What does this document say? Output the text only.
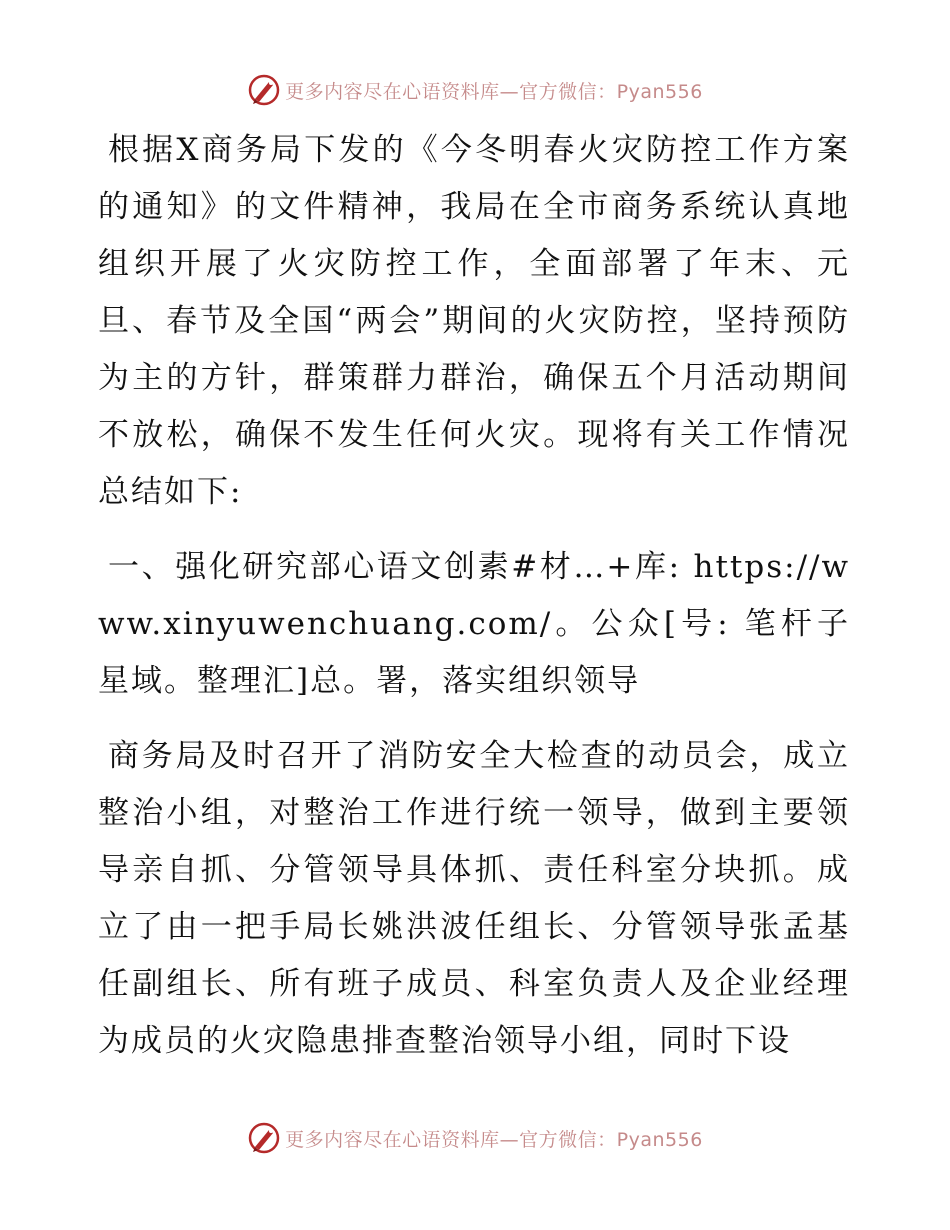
更多内容尽在心语资料库—官方微信：Pyan556

根据X商务局下发的《今冬明春火灾防控工作方案的通知》的文件精神，我局在全市商务系统认真地组织开展了火灾防控工作，全面部署了年末、元旦、春节及全国“两会”期间的火灾防控，坚持预防为主的方针，群策群力群治，确保五个月活动期间不放松，确保不发生任何火灾。现将有关工作情况总结如下:

一、强化研究部心语文创素#材…+库: https://www.xinyuwenchuang.com/。公众[号: 笔杆子星域。整理汇]总。署，落实组织领导

商务局及时召开了消防安全大检查的动员会，成立整治小组，对整治工作进行统一领导，做到主要领导亲自抓、分管领导具体抓、责任科室分块抓。成立了由一把手局长姚洪波任组长、分管领导张孟基任副组长、所有班子成员、科室负责人及企业经理为成员的火灾隐患排查整治领导小组，同时下设

更多内容尽在心语资料库—官方微信：Pyan556
